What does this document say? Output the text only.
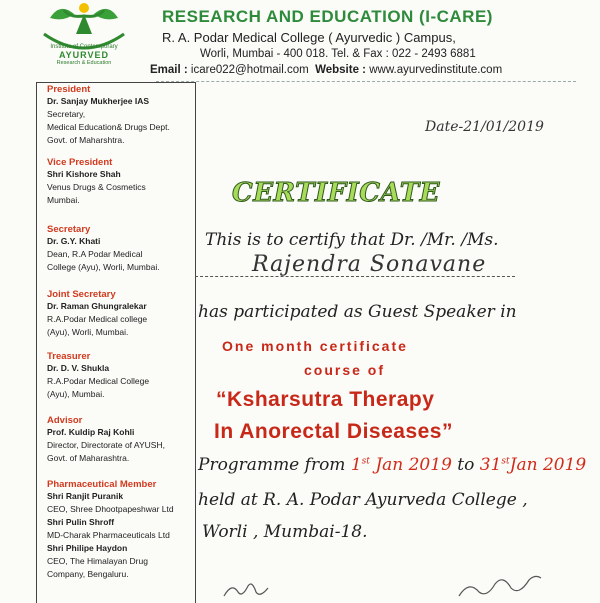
Institute of Contemporary
AYURVED
Research & Education
RESEARCH AND EDUCATION (I-CARE)
R. A. Podar Medical College ( Ayurvedic ) Campus,
Worli, Mumbai - 400 018. Tel. & Fax : 022 - 2493 6881
Email : icare022@hotmail.com Website : www.ayurvedinstitute.com
President
Dr. Sanjay Mukherjee IAS
Secretary,
Medical Education& Drugs Dept.
Govt. of Maharshtra.
Vice President
Shri Kishore Shah
Venus Drugs & Cosmetics
Mumbai.
Secretary
Dr. G.Y. Khati
Dean, R.A Podar Medical
College (Ayu), Worli, Mumbai.
Joint Secretary
Dr. Raman Ghungralekar
R.A.Podar Medical college
(Ayu), Worli, Mumbai.
Treasurer
Dr. D. V. Shukla
R.A.Podar Medical College
(Ayu), Mumbai.
Advisor
Prof. Kuldip Raj Kohli
Director, Directorate of AYUSH,
Govt. of Maharashtra.
Pharmaceutical Member
Shri Ranjit Puranik
CEO, Shree Dhootpapeshwar Ltd
Shri Pulin Shroff
MD-Charak Pharmaceuticals Ltd
Shri Philipe Haydon
CEO, The Himalayan Drug
Company, Bengaluru.
Date-21/01/2019
CERTIFICATE
This is to certify that Dr. /Mr. /Ms.
Rajendra Sonavane
has participated as Guest Speaker in
One month certificate
course of
“Ksharsutra Therapy
In Anorectal Diseases”
Programme from 1st Jan 2019 to 31stJan 2019
held at R. A. Podar Ayurveda College ,
Worli , Mumbai-18.
